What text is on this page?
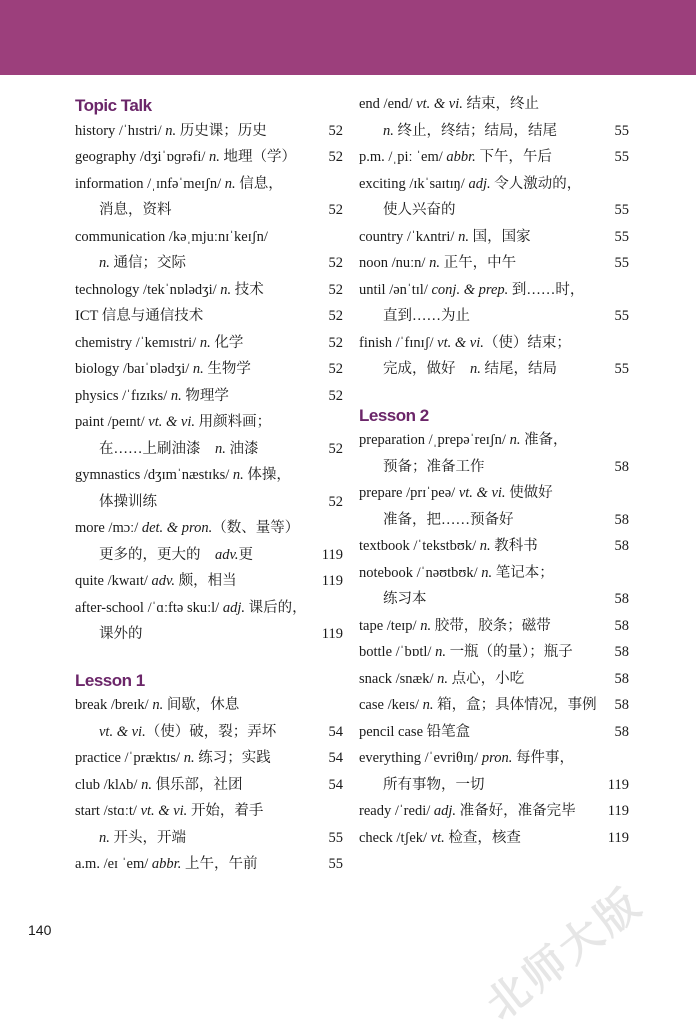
Topic Talk
history /ˈhɪstri/ n. 历史课；历史	52
geography /dʒiˈɒɡrəfi/ n. 地理（学） 52
information /ˌɪnfəˈmeɪʃn/ n. 信息，
消息，资料	52
communication /kəˌmjuːnɪˈkeɪʃn/
n. 通信；交际	52
technology /tekˈnɒlədʒi/ n. 技术	52
ICT 信息与通信技术	52
chemistry /ˈkemɪstri/ n. 化学	52
biology /baɪˈɒlədʒi/ n. 生物学	52
physics /ˈfɪzɪks/ n. 物理学	52
paint /peɪnt/ vt. & vi. 用颜料画；
在……上刷油漆　n. 油漆	52
gymnastics /dʒɪmˈnæstɪks/ n. 体操，
体操训练	52
more /mɔː/ det. & pron.（数、量等）
更多的，更大的　adv.更	119
quite /kwaɪt/ adv. 颇，相当	119
after-school /ˈɑːftə skuːl/ adj. 课后的，
课外的	119
Lesson 1
break /breɪk/ n. 间歇，休息
vt. & vi.（使）破，裂；弄坏	54
practice /ˈpræktɪs/ n. 练习；实践	54
club /klʌb/ n. 俱乐部，社团	54
start /stɑːt/ vt. & vi. 开始，着手
n. 开头，开端	55
a.m. /eɪ ˈem/ abbr. 上午，午前	55
end /end/ vt. & vi. 结束，终止
n. 终止，终结；结局，结尾	55
p.m. /ˌpiː ˈem/ abbr. 下午，午后	55
exciting /ɪkˈsaɪtɪŋ/ adj. 令人激动的，
使人兴奋的	55
country /ˈkʌntri/ n. 国，国家	55
noon /nuːn/ n. 正午，中午	55
until /ənˈtɪl/ conj. & prep. 到……时，
直到……为止	55
finish /ˈfɪnɪʃ/ vt. & vi.（使）结束；
完成，做好　n. 结尾，结局	55
Lesson 2
preparation /ˌprepəˈreɪʃn/ n. 准备，
预备；准备工作	58
prepare /prɪˈpeə/ vt. & vi. 使做好
准备，把……预备好	58
textbook /ˈtekstbʊk/ n. 教科书	58
notebook /ˈnəʊtbʊk/ n. 笔记本；
练习本	58
tape /teɪp/ n. 胶带，胶条；磁带	58
bottle /ˈbɒtl/ n. 一瓶（的量）；瓶子	58
snack /snæk/ n. 点心，小吃	58
case /keɪs/ n. 箱，盒；具体情况，事例 58
pencil case 铅笔盒	58
everything /ˈevriθɪŋ/ pron. 每件事，
所有事物，一切	119
ready /ˈredi/ adj. 准备好，准备完毕 119
check /tʃek/ vt. 检查，核查	119
140	北师大版
